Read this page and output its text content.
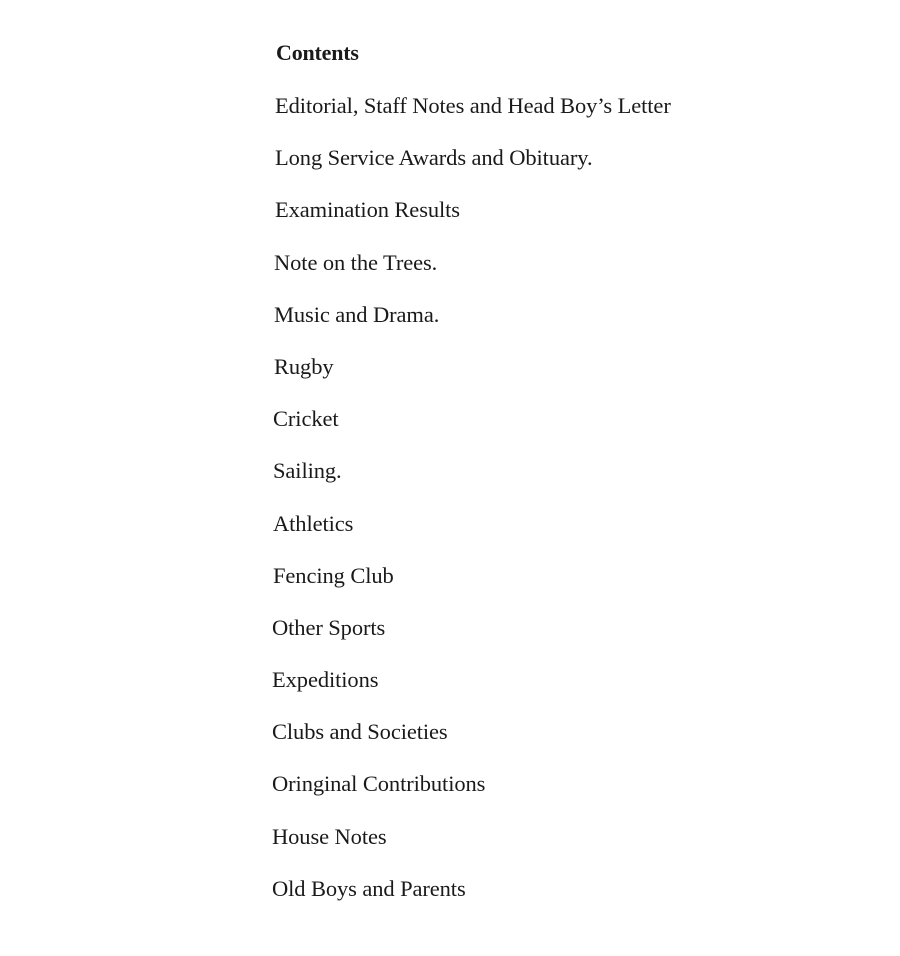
Contents
Editorial, Staff Notes and Head Boy’s Letter
Long Service Awards and Obituary.
Examination Results
Note on the Trees.
Music and Drama.
Rugby
Cricket
Sailing.
Athletics
Fencing Club
Other Sports
Expeditions
Clubs and Societies
Oringinal Contributions
House Notes
Old Boys and Parents
